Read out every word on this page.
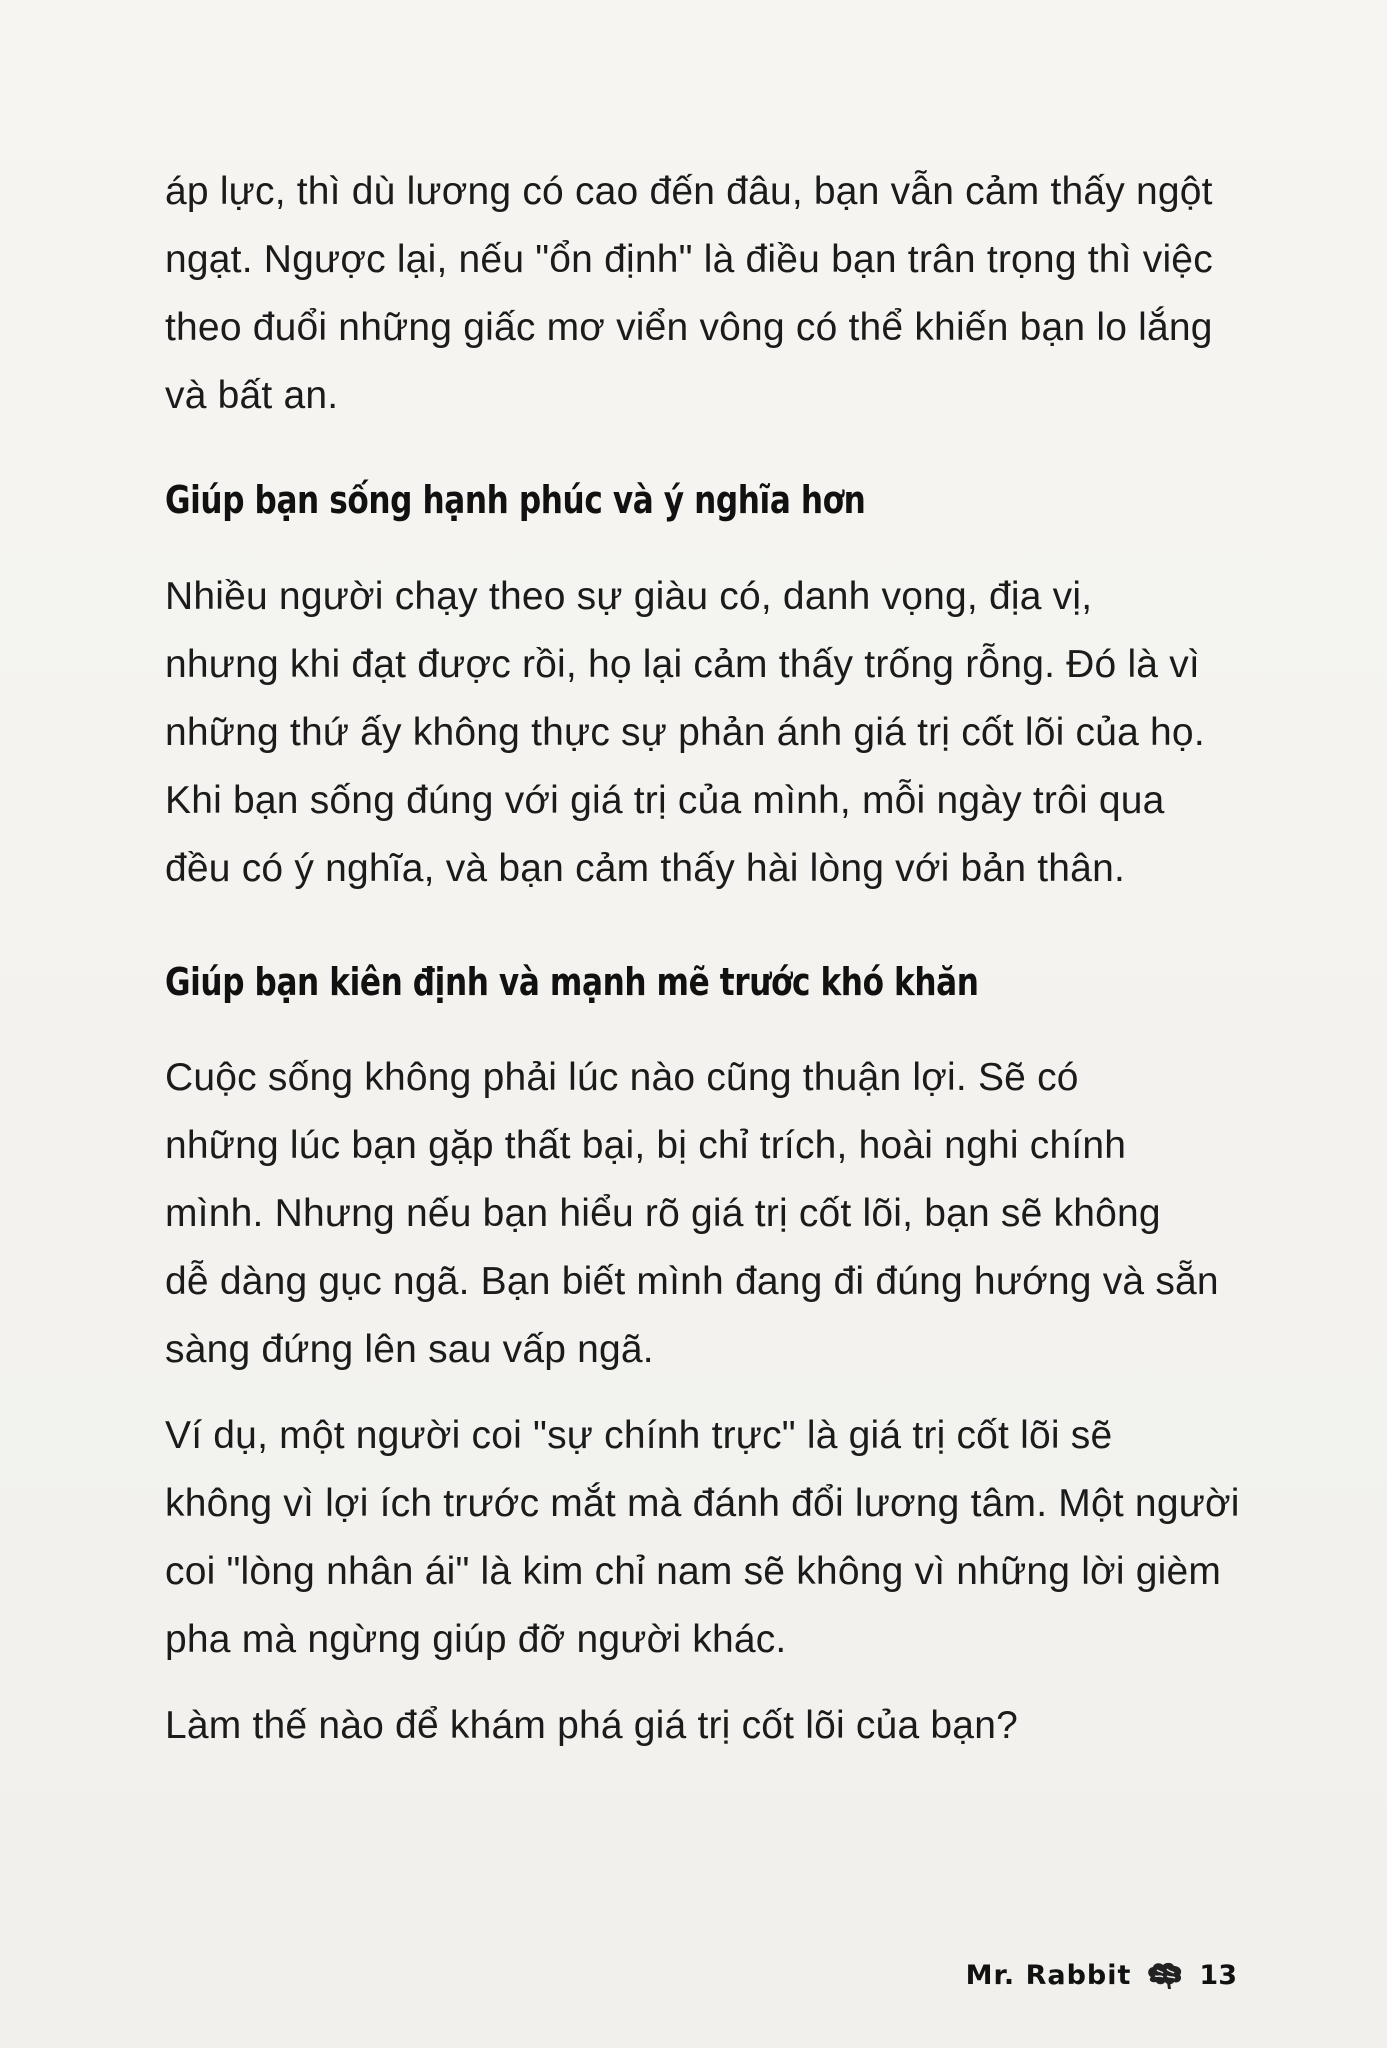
áp lực, thì dù lương có cao đến đâu, bạn vẫn cảm thấy ngột
ngạt. Ngược lại, nếu "ổn định" là điều bạn trân trọng thì việc
theo đuổi những giấc mơ viển vông có thể khiến bạn lo lắng
và bất an.

Giúp bạn sống hạnh phúc và ý nghĩa hơn

Nhiều người chạy theo sự giàu có, danh vọng, địa vị,
nhưng khi đạt được rồi, họ lại cảm thấy trống rỗng. Đó là vì
những thứ ấy không thực sự phản ánh giá trị cốt lõi của họ.
Khi bạn sống đúng với giá trị của mình, mỗi ngày trôi qua
đều có ý nghĩa, và bạn cảm thấy hài lòng với bản thân.

Giúp bạn kiên định và mạnh mẽ trước khó khăn

Cuộc sống không phải lúc nào cũng thuận lợi. Sẽ có
những lúc bạn gặp thất bại, bị chỉ trích, hoài nghi chính
mình. Nhưng nếu bạn hiểu rõ giá trị cốt lõi, bạn sẽ không
dễ dàng gục ngã. Bạn biết mình đang đi đúng hướng và sẵn
sàng đứng lên sau vấp ngã.

Ví dụ, một người coi "sự chính trực" là giá trị cốt lõi sẽ
không vì lợi ích trước mắt mà đánh đổi lương tâm. Một người
coi "lòng nhân ái" là kim chỉ nam sẽ không vì những lời gièm
pha mà ngừng giúp đỡ người khác.

Làm thế nào để khám phá giá trị cốt lõi của bạn?

Mr. Rabbit	13
